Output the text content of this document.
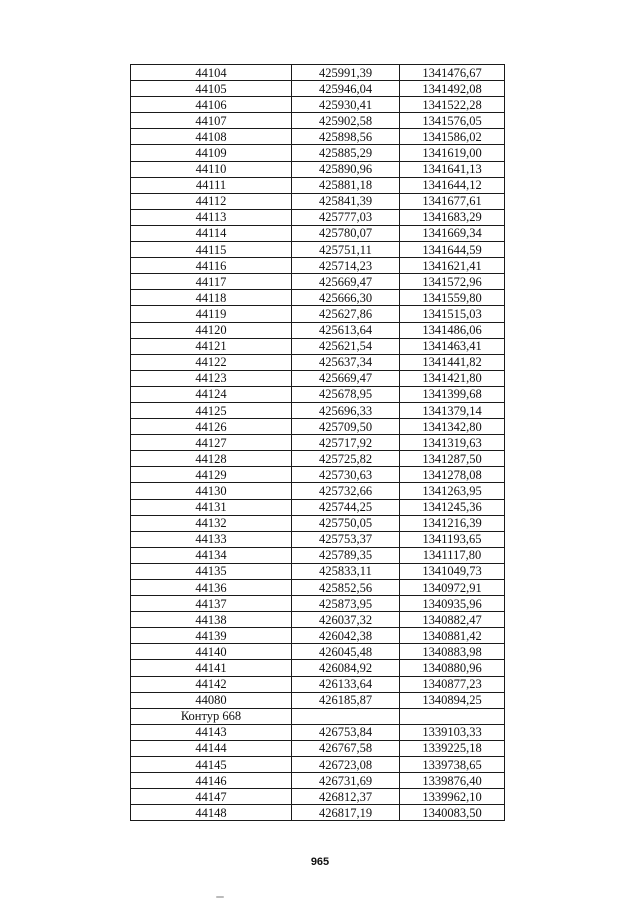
44104	425991,39	1341476,67
44105	425946,04	1341492,08
44106	425930,41	1341522,28
44107	425902,58	1341576,05
44108	425898,56	1341586,02
44109	425885,29	1341619,00
44110	425890,96	1341641,13
44111	425881,18	1341644,12
44112	425841,39	1341677,61
44113	425777,03	1341683,29
44114	425780,07	1341669,34
44115	425751,11	1341644,59
44116	425714,23	1341621,41
44117	425669,47	1341572,96
44118	425666,30	1341559,80
44119	425627,86	1341515,03
44120	425613,64	1341486,06
44121	425621,54	1341463,41
44122	425637,34	1341441,82
44123	425669,47	1341421,80
44124	425678,95	1341399,68
44125	425696,33	1341379,14
44126	425709,50	1341342,80
44127	425717,92	1341319,63
44128	425725,82	1341287,50
44129	425730,63	1341278,08
44130	425732,66	1341263,95
44131	425744,25	1341245,36
44132	425750,05	1341216,39
44133	425753,37	1341193,65
44134	425789,35	1341117,80
44135	425833,11	1341049,73
44136	425852,56	1340972,91
44137	425873,95	1340935,96
44138	426037,32	1340882,47
44139	426042,38	1340881,42
44140	426045,48	1340883,98
44141	426084,92	1340880,96
44142	426133,64	1340877,23
44080	426185,87	1340894,25
Контур 668		
44143	426753,84	1339103,33
44144	426767,58	1339225,18
44145	426723,08	1339738,65
44146	426731,69	1339876,40
44147	426812,37	1339962,10
44148	426817,19	1340083,50
965
